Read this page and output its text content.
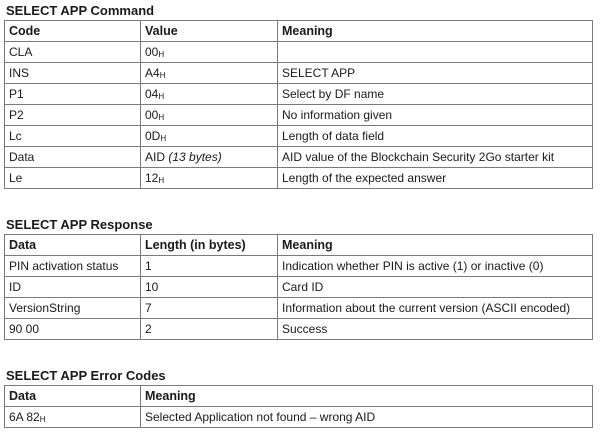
SELECT APP Command
Code	Value	Meaning
CLA	$00_H$	
INS	$A4_H$	SELECT APP
P1	$04_H$	Select by DF name
P2	$00_H$	No information given
Lc	$0D_H$	Length of data field
Data	AID (13 bytes)	AID value of the Blockchain Security 2Go starter kit
Le	$12_H$	Length of the expected answer
SELECT APP Response
Data	Length (in bytes)	Meaning
PIN activation status	1	Indication whether PIN is active (1) or inactive (0)
ID	10	Card ID
VersionString	7	Information about the current version (ASCII encoded)
90 00	2	Success
SELECT APP Error Codes
Data	Meaning
6A $82_H$	Selected Application not found – wrong AID
